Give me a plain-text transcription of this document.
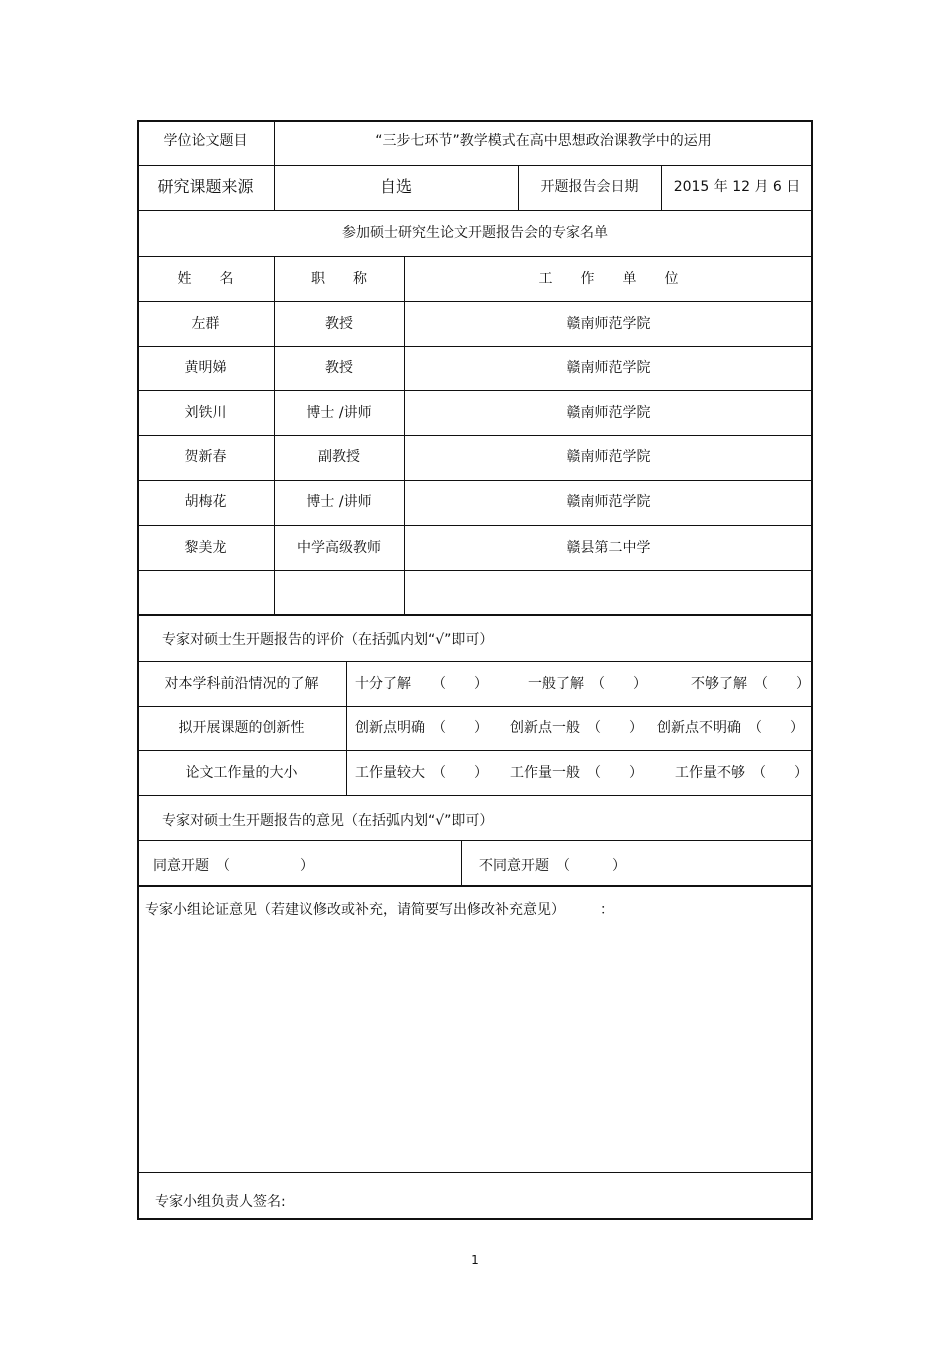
学位论文题目	“三步七环节”教学模式在高中思想政治课教学中的运用
研究课题来源	自选	开题报告会日期	2015 年 12 月 6 日
参加硕士研究生论文开题报告会的专家名单
姓　　名	职　　称	工　　作　　单　　位
左群	教授	赣南师范学院
黄明娣	教授	赣南师范学院
刘铁川	博士 /讲师	赣南师范学院
贺新春	副教授	赣南师范学院
胡梅花	博士 /讲师	赣南师范学院
黎美龙	中学高级教师	赣县第二中学
专家对硕士生开题报告的评价（在括弧内划“√”即可）
对本学科前沿情况的了解	十分了解　　（　　）	一般了解　（　　）	不够了解　（　　）
拟开展课题的创新性	创新点明确　（　　） 创新点一般　（　　） 创新点不明确　（　　）
论文工作量的大小	工作量较大　（　　） 工作量一般　（　　） 工作量不够　（　　）
专家对硕士生开题报告的意见（在括弧内划“√”即可）
同意开题　（　　　　　）	不同意开题　（　　　）
专家小组论证意见（若建议修改或补充，请简要写出修改补充意见）　　　：
专家小组负责人签名:
1
